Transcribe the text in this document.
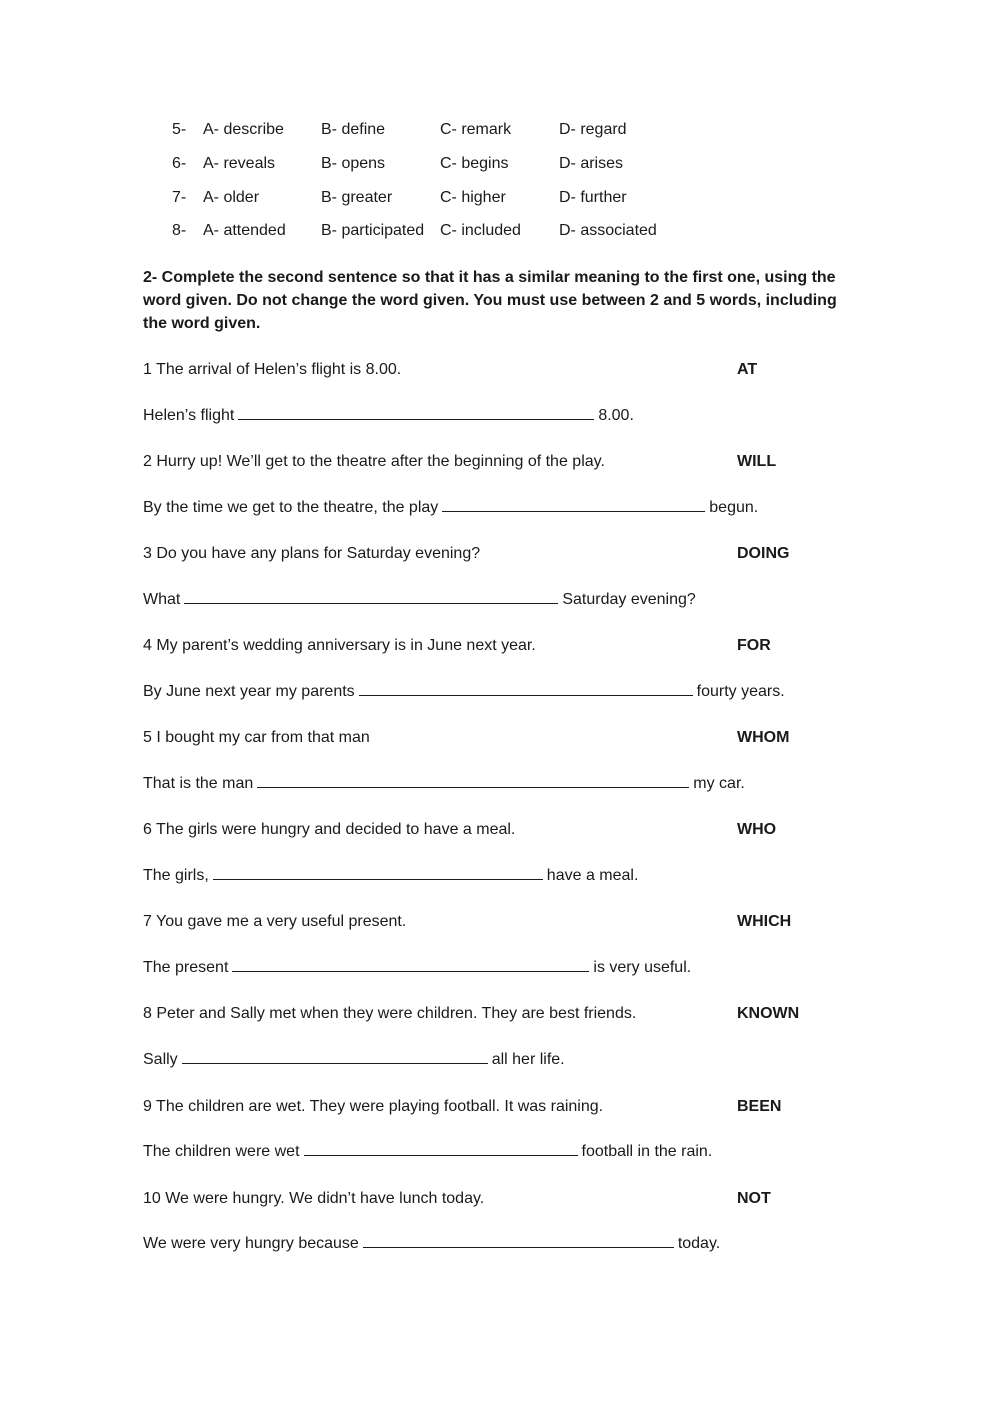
5- A- describe B- define	C- remark	D- regard
6- A- reveals	B- opens	C- begins	D- arises
7- A- older	B- greater	C- higher	D- further
8- A- attended B- participated C- included D- associated
2- Complete the second sentence so that it has a similar meaning to the first one, using the word given. Do not change the word given. You must use between 2 and 5 words, including the word given.
1 The arrival of Helen’s flight is 8.00.	AT
Helen’s flight	8.00.
2 Hurry up! We’ll get to the theatre after the beginning of the play.	WILL
By the time we get to the theatre, the play	begun.
3 Do you have any plans for Saturday evening?	DOING
What	Saturday evening?
4 My parent’s wedding anniversary is in June next year.	FOR
By June next year my parents	fourty years.
5 I bought my car from that man	WHOM
That is the man	my car.
6 The girls were hungry and decided to have a meal.	WHO
The girls,	have a meal.
7 You gave me a very useful present.	WHICH
The present	is very useful.
8 Peter and Sally met when they were children. They are best friends.	KNOWN
Sally	all her life.
9 The children are wet. They were playing football. It was raining.	BEEN
The children were wet	football in the rain.
10 We were hungry. We didn’t have lunch today.	NOT
We were very hungry because	today.
